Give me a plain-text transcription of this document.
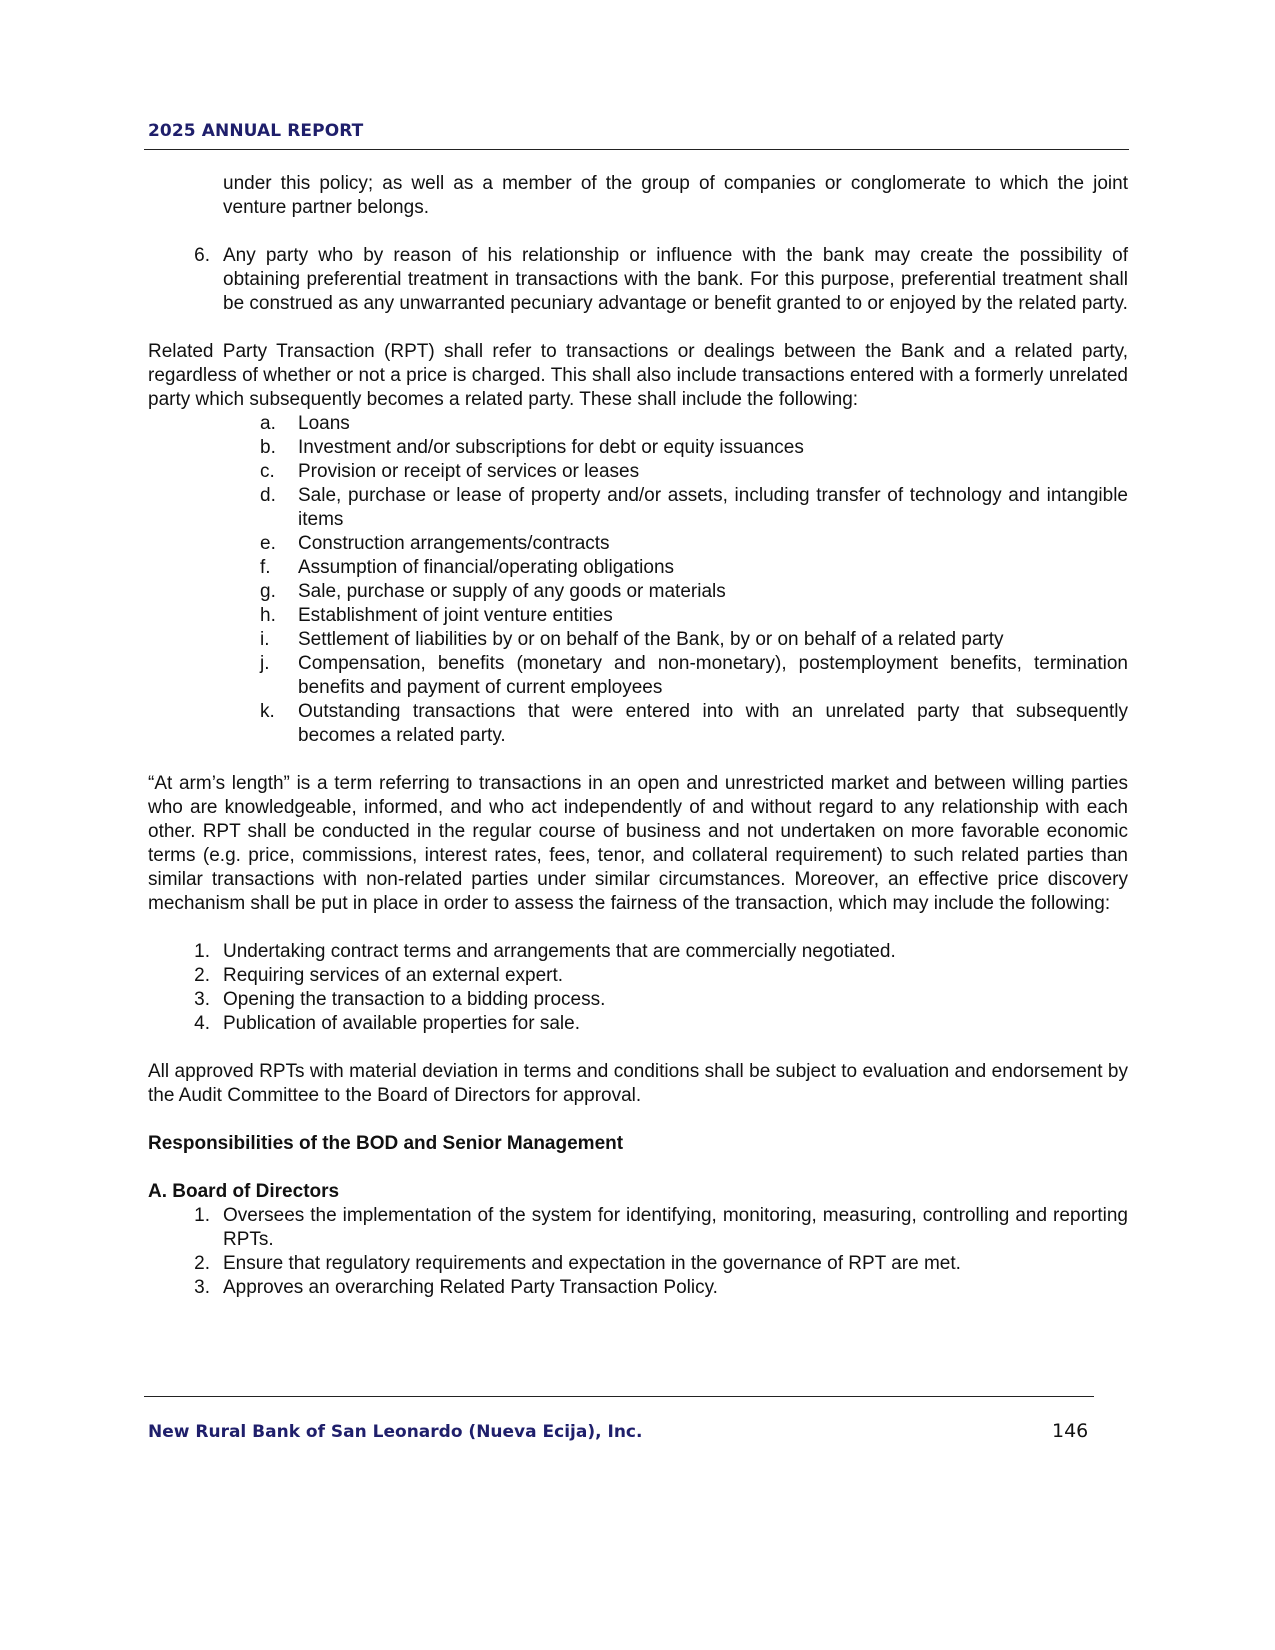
2025 ANNUAL REPORT

under this policy; as well as a member of the group of companies or conglomerate to which the joint venture partner belongs.

6. Any party who by reason of his relationship or influence with the bank may create the possibility of obtaining preferential treatment in transactions with the bank. For this purpose, preferential treatment shall be construed as any unwarranted pecuniary advantage or benefit granted to or enjoyed by the related party.

Related Party Transaction (RPT) shall refer to transactions or dealings between the Bank and a related party, regardless of whether or not a price is charged. This shall also include transactions entered with a formerly unrelated party which subsequently becomes a related party. These shall include the following:

a.	Loans
b.	Investment and/or subscriptions for debt or equity issuances
c.	Provision or receipt of services or leases
d.	Sale, purchase or lease of property and/or assets, including transfer of technology and intangible items
e.	Construction arrangements/contracts
f.	Assumption of financial/operating obligations
g.	Sale, purchase or supply of any goods or materials
h.	Establishment of joint venture entities
i.	Settlement of liabilities by or on behalf of the Bank, by or on behalf of a related party
j.	Compensation, benefits (monetary and non-monetary), postemployment benefits, termination benefits and payment of current employees
k.	Outstanding transactions that were entered into with an unrelated party that subsequently becomes a related party.

“At arm’s length” is a term referring to transactions in an open and unrestricted market and between willing parties who are knowledgeable, informed, and who act independently of and without regard to any relationship with each other. RPT shall be conducted in the regular course of business and not undertaken on more favorable economic terms (e.g. price, commissions, interest rates, fees, tenor, and collateral requirement) to such related parties than similar transactions with non-related parties under similar circumstances. Moreover, an effective price discovery mechanism shall be put in place in order to assess the fairness of the transaction, which may include the following:

1. Undertaking contract terms and arrangements that are commercially negotiated.
2. Requiring services of an external expert.
3. Opening the transaction to a bidding process.
4. Publication of available properties for sale.

All approved RPTs with material deviation in terms and conditions shall be subject to evaluation and endorsement by the Audit Committee to the Board of Directors for approval.

Responsibilities of the BOD and Senior Management

A. Board of Directors

1. Oversees the implementation of the system for identifying, monitoring, measuring, controlling and reporting RPTs.
2. Ensure that regulatory requirements and expectation in the governance of RPT are met.
3. Approves an overarching Related Party Transaction Policy.
New Rural Bank of San Leonardo (Nueva Ecija), Inc.	146
